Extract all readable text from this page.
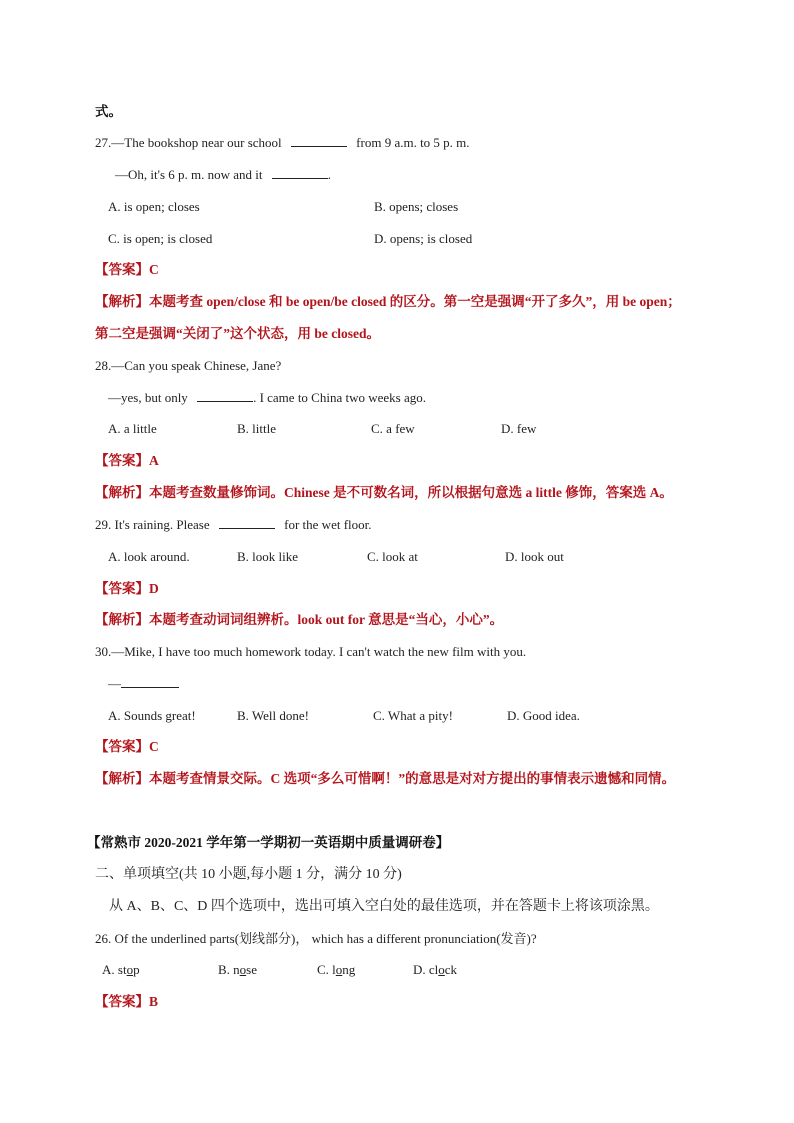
式。
27.—The bookshop near our school	from 9 a.m. to 5 p. m.
—Oh, it's 6 p. m. now and it	.
A. is open; closes	B. opens; closes
C. is open; is closed	D. opens; is closed
【答案】C
【解析】本题考查 open/close 和 be open/be closed 的区分。第一空是强调“开了多久”，用 be open；
第二空是强调“关闭了”这个状态，用 be closed。
28.—Can you speak Chinese, Jane?
—yes, but only	. I came to China two weeks ago.
A. a little	B. little	C. a few	D. few
【答案】A
【解析】本题考查数量修饰词。Chinese 是不可数名词，所以根据句意选 a little 修饰，答案选 A。
29. It's raining. Please	for the wet floor.
A. look around.	B. look like	C. look at	D. look out
【答案】D
【解析】本题考查动词词组辨析。look out for 意思是“当心，小心”。
30.—Mike, I have too much homework today. I can't watch the new film with you.
—
A. Sounds great!	B. Well done!	C. What a pity!	D. Good idea.
【答案】C
【解析】本题考查情景交际。C 选项“多么可惜啊！”的意思是对对方提出的事情表示遗憾和同情。
【常熟市 2020-2021 学年第一学期初一英语期中质量调研卷】
二、单项填空(共 10 小题,每小题 1 分，满分 10 分)
从 A、B、C、D 四个选项中，选出可填入空白处的最佳选项，并在答题卡上将该项涂黑。
26. Of the underlined parts(划线部分)， which has a different pronunciation(发音)?
A. stop	B. nose	C. long	D. clock
【答案】B
